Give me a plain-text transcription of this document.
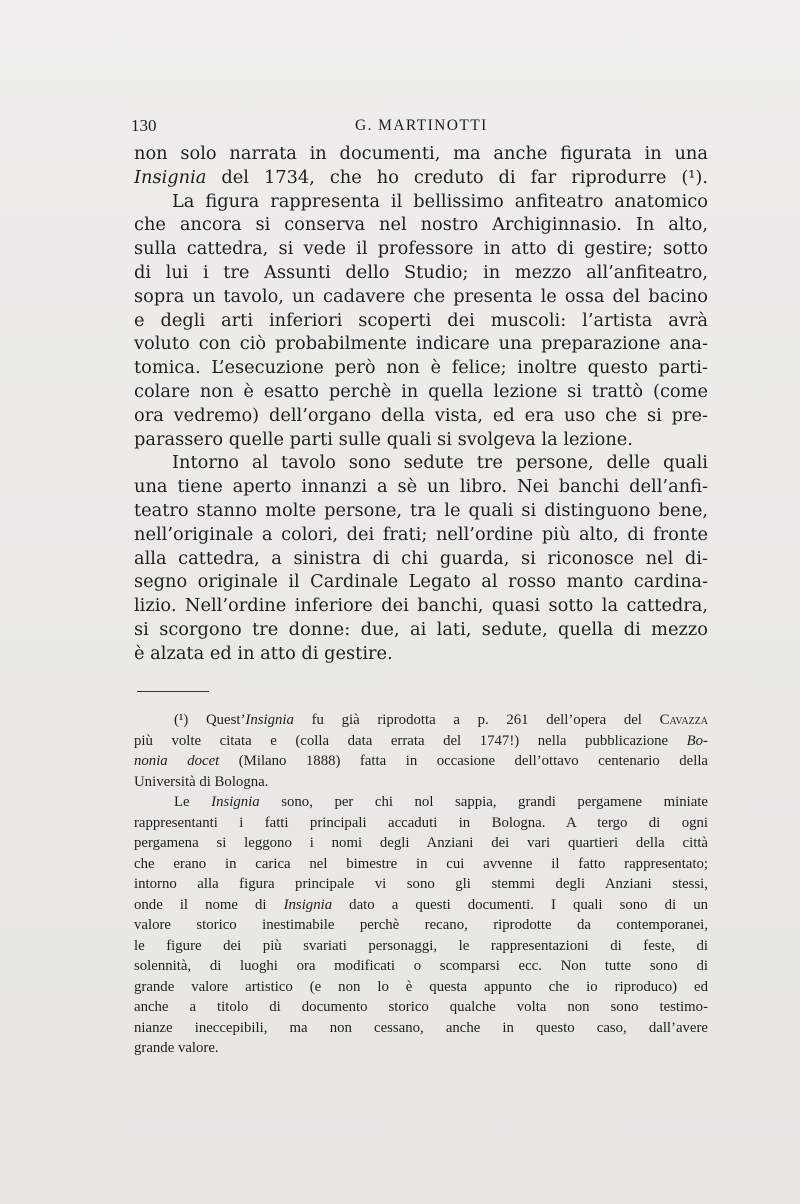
130	G. MARTINOTTI
non solo narrata in documenti, ma anche figurata in una
Insignia del 1734, che ho creduto di far riprodurre (¹).
La figura rappresenta il bellissimo anfiteatro anatomico
che ancora si conserva nel nostro Archiginnasio. In alto,
sulla cattedra, si vede il professore in atto di gestire; sotto
di lui i tre Assunti dello Studio; in mezzo all’anfiteatro,
sopra un tavolo, un cadavere che presenta le ossa del bacino
e degli arti inferiori scoperti dei muscoli: l’artista avrà
voluto con ciò probabilmente indicare una preparazione ana-
tomica. L’esecuzione però non è felice; inoltre questo parti-
colare non è esatto perchè in quella lezione si trattò (come
ora vedremo) dell’organo della vista, ed era uso che si pre-
parassero quelle parti sulle quali si svolgeva la lezione.
Intorno al tavolo sono sedute tre persone, delle quali
una tiene aperto innanzi a sè un libro. Nei banchi dell’anfi-
teatro stanno molte persone, tra le quali si distinguono bene,
nell’originale a colori, dei frati; nell’ordine più alto, di fronte
alla cattedra, a sinistra di chi guarda, si riconosce nel di-
segno originale il Cardinale Legato al rosso manto cardina-
lizio. Nell’ordine inferiore dei banchi, quasi sotto la cattedra,
si scorgono tre donne: due, ai lati, sedute, quella di mezzo
è alzata ed in atto di gestire.
(¹) Quest’Insignia fu già riprodotta a p. 261 dell’opera del Cavazza
più volte citata e (colla data errata del 1747!) nella pubblicazione Bo-
nonia docet (Milano 1888) fatta in occasione dell’ottavo centenario della
Università di Bologna.
Le Insignia sono, per chi nol sappia, grandi pergamene miniate
rappresentanti i fatti principali accaduti in Bologna. A tergo di ogni
pergamena si leggono i nomi degli Anziani dei vari quartieri della città
che erano in carica nel bimestre in cui avvenne il fatto rappresentato;
intorno alla figura principale vi sono gli stemmi degli Anziani stessi,
onde il nome di Insignia dato a questi documenti. I quali sono di un
valore storico inestimabile perchè recano, riprodotte da contemporanei,
le figure dei più svariati personaggi, le rappresentazioni di feste, di
solennità, di luoghi ora modificati o scomparsi ecc. Non tutte sono di
grande valore artistico (e non lo è questa appunto che io riproduco) ed
anche a titolo di documento storico qualche volta non sono testimo-
nianze ineccepibili, ma non cessano, anche in questo caso, dall’avere
grande valore.
